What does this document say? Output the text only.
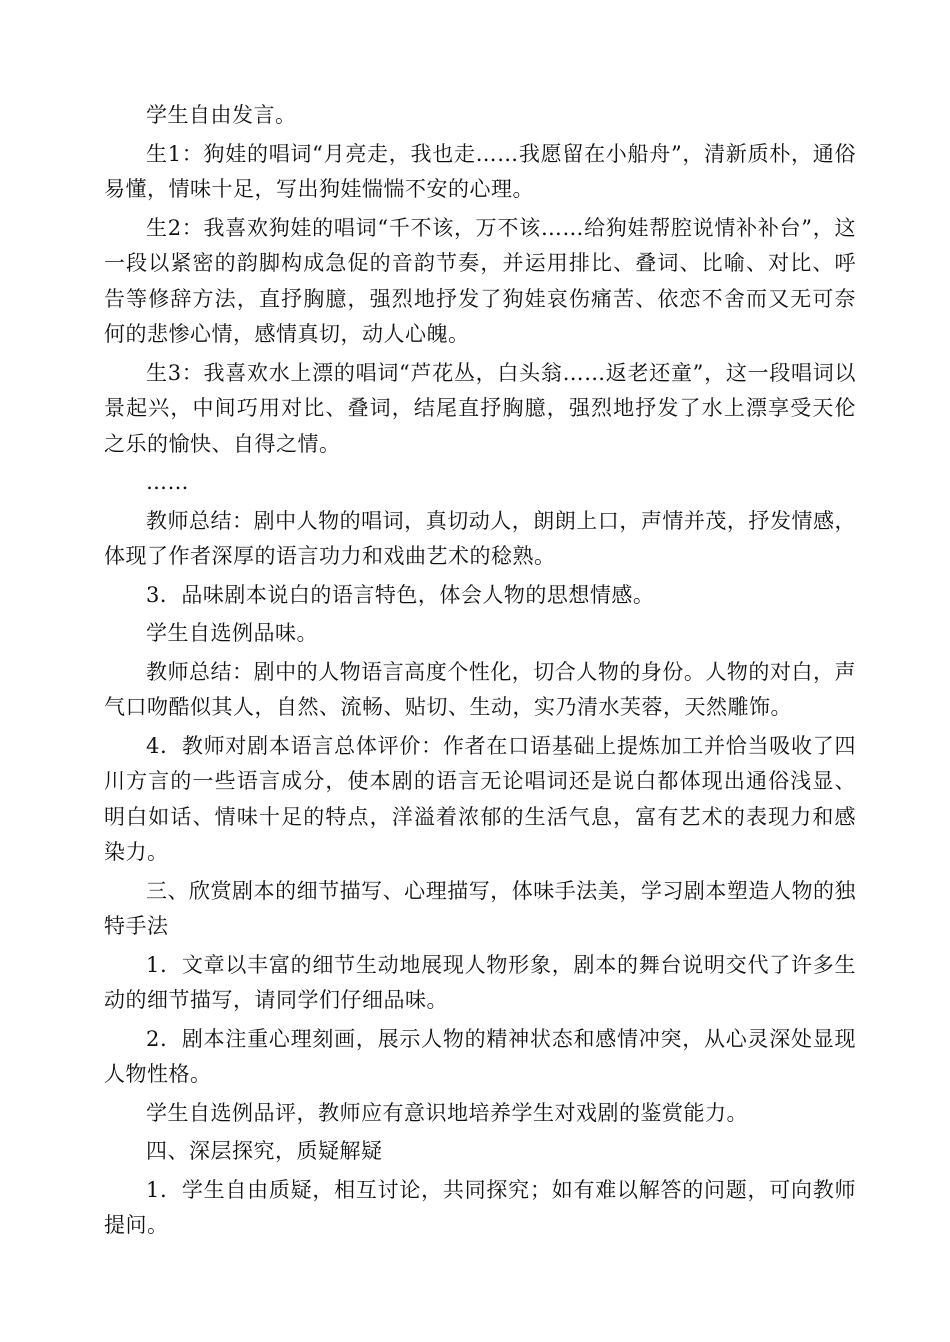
学生自由发言。

生1：狗娃的唱词“月亮走，我也走……我愿留在小船舟”，清新质朴，通俗易懂，情味十足，写出狗娃惴惴不安的心理。

生2：我喜欢狗娃的唱词“千不该，万不该……给狗娃帮腔说情补补台”，这一段以紧密的韵脚构成急促的音韵节奏，并运用排比、叠词、比喻、对比、呼告等修辞方法，直抒胸臆，强烈地抒发了狗娃哀伤痛苦、依恋不舍而又无可奈何的悲惨心情，感情真切，动人心魄。

生3：我喜欢水上漂的唱词“芦花丛，白头翁……返老还童”，这一段唱词以景起兴，中间巧用对比、叠词，结尾直抒胸臆，强烈地抒发了水上漂享受天伦之乐的愉快、自得之情。

……

教师总结：剧中人物的唱词，真切动人，朗朗上口，声情并茂，抒发情感，体现了作者深厚的语言功力和戏曲艺术的稔熟。

3．品味剧本说白的语言特色，体会人物的思想情感。

学生自选例品味。

教师总结：剧中的人物语言高度个性化，切合人物的身份。人物的对白，声气口吻酷似其人，自然、流畅、贴切、生动，实乃清水芙蓉，天然雕饰。

4．教师对剧本语言总体评价：作者在口语基础上提炼加工并恰当吸收了四川方言的一些语言成分，使本剧的语言无论唱词还是说白都体现出通俗浅显、明白如话、情味十足的特点，洋溢着浓郁的生活气息，富有艺术的表现力和感染力。

三、欣赏剧本的细节描写、心理描写，体味手法美，学习剧本塑造人物的独特手法

1．文章以丰富的细节生动地展现人物形象，剧本的舞台说明交代了许多生动的细节描写，请同学们仔细品味。

2．剧本注重心理刻画，展示人物的精神状态和感情冲突，从心灵深处显现人物性格。

学生自选例品评，教师应有意识地培养学生对戏剧的鉴赏能力。

四、深层探究，质疑解疑

1．学生自由质疑，相互讨论，共同探究；如有难以解答的问题，可向教师提问。
